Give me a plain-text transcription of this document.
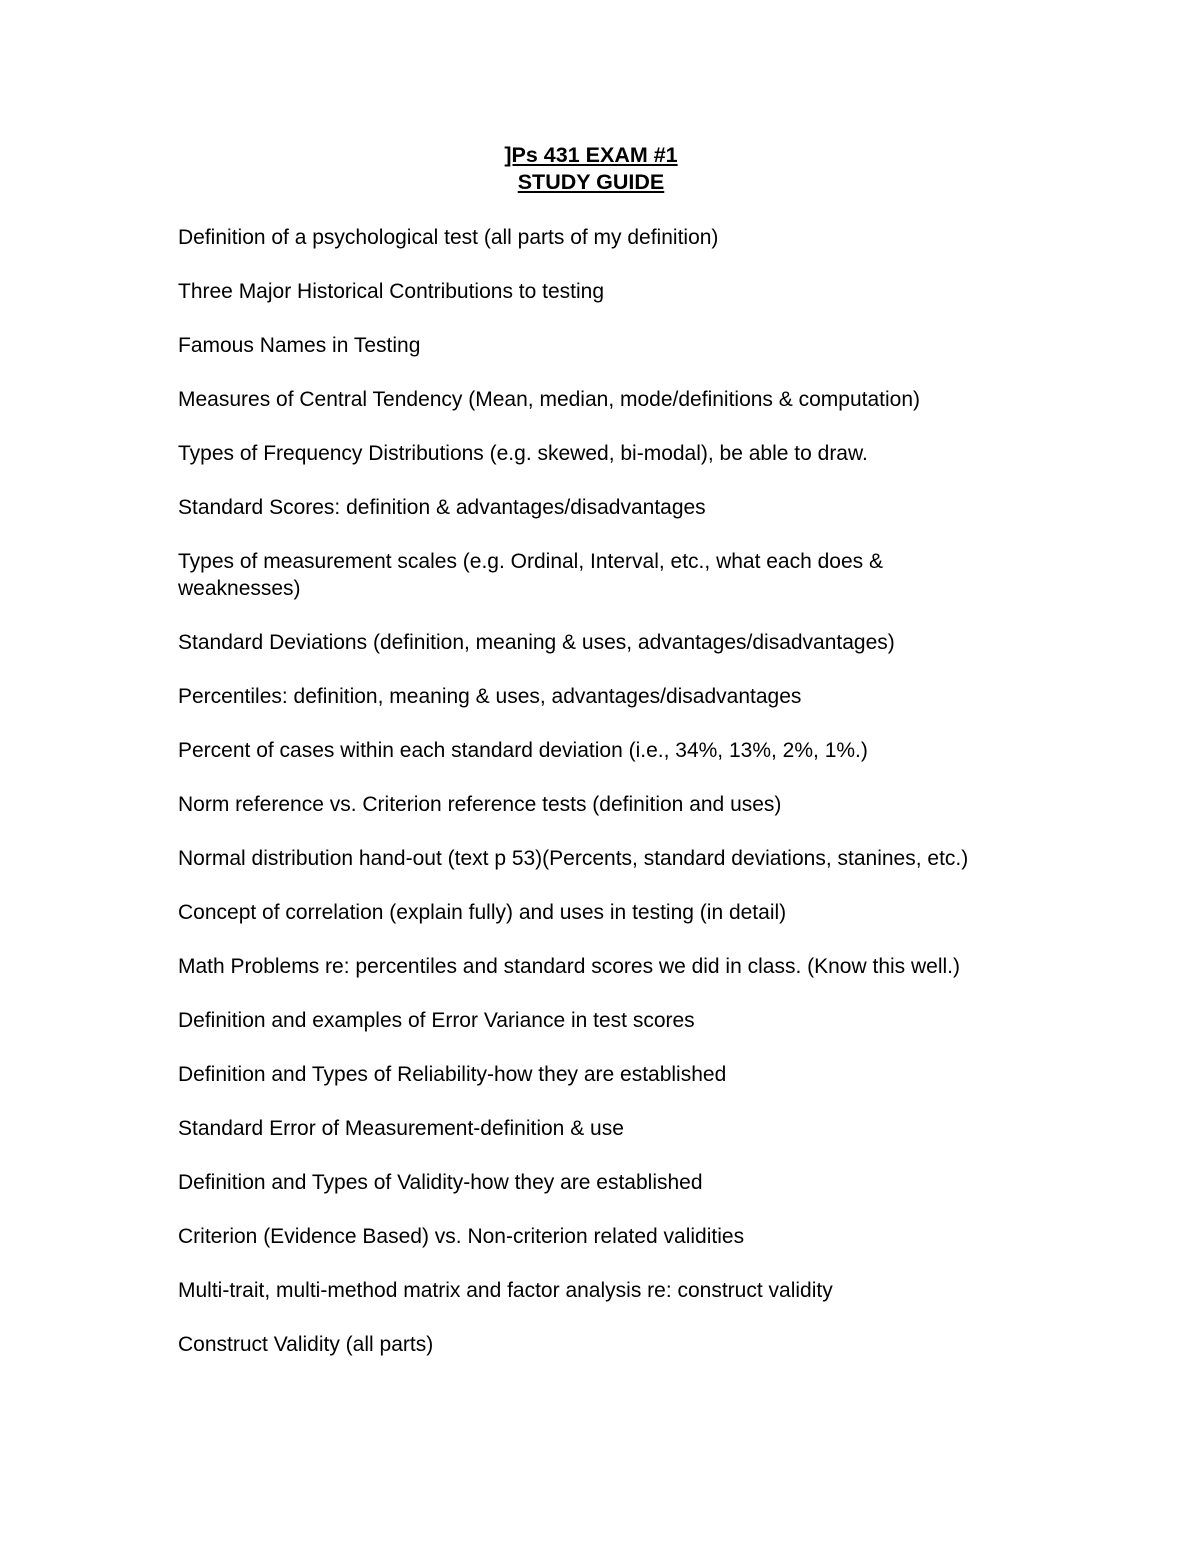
]Ps 431 EXAM #1
STUDY GUIDE
Definition of a psychological test (all parts of my definition)
Three Major Historical Contributions to testing
Famous Names in Testing
Measures of Central Tendency (Mean, median, mode/definitions & computation)
Types of Frequency Distributions (e.g. skewed, bi-modal), be able to draw.
Standard Scores: definition & advantages/disadvantages
Types of measurement scales (e.g. Ordinal, Interval, etc., what each does & weaknesses)
Standard Deviations (definition, meaning & uses, advantages/disadvantages)
Percentiles: definition, meaning & uses, advantages/disadvantages
Percent of cases within each standard deviation (i.e., 34%, 13%, 2%, 1%.)
Norm reference vs. Criterion reference tests (definition and uses)
Normal distribution hand-out (text p 53)(Percents, standard deviations, stanines, etc.)
Concept of correlation (explain fully) and uses in testing (in detail)
Math Problems re: percentiles and standard scores we did in class. (Know this well.)
Definition and examples of Error Variance in test scores
Definition and Types of Reliability-how they are established
Standard Error of Measurement-definition & use
Definition and Types of Validity-how they are established
Criterion (Evidence Based) vs. Non-criterion related validities
Multi-trait, multi-method matrix and factor analysis re: construct validity
Construct Validity (all parts)
